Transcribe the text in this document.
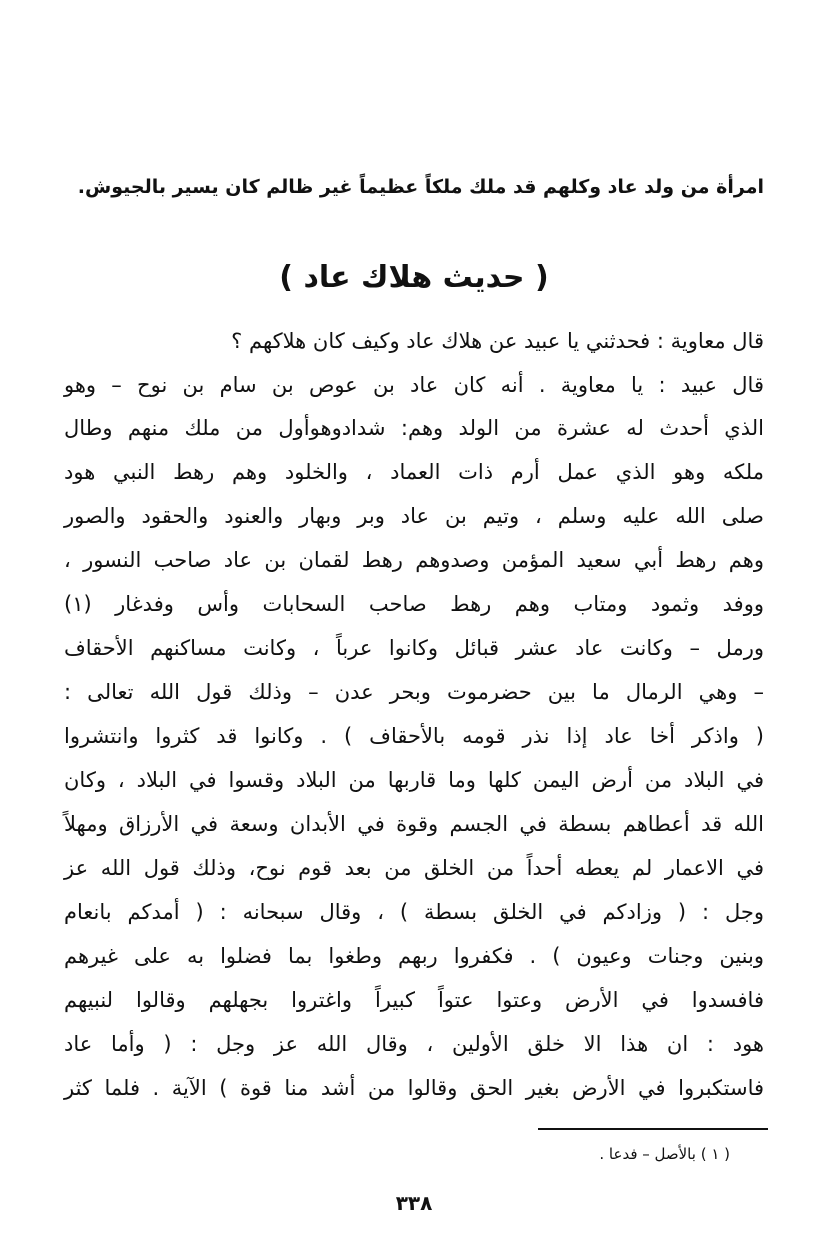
امرأة من ولد عاد وكلهم قد ملك ملكاً عظيماً غير ظالم كان يسير بالجيوش.
( حديث هلاك عاد )
قال معاوية : فحدثني يا عبيد عن هلاك عاد وكيف كان هلاكهم ؟
قال عبيد : يا معاوية . أنه كان عاد بن عوص بن سام بن نوح – وهو
الذي أحدث له عشرة من الولد وهم: شدادوهوأول من ملك منهم وطال
ملكه وهو الذي عمل أرم ذات العماد ، والخلود وهم رهط النبي هود
صلى الله عليه وسلم ، وتيم بن عاد وبر وبهار والعنود والحقود والصور
وهم رهط أبي سعيد المؤمن وصدوهم رهط لقمان بن عاد صاحب النسور ،
ووفد وثمود ومتاب وهم رهط صاحب السحابات وأس وفدغار (١)
ورمل – وكانت عاد عشر قبائل وكانوا عرباً ، وكانت مساكنهم الأحقاف
– وهي الرمال ما بين حضرموت وبحر عدن – وذلك قول الله تعالى :
( واذكر أخا عاد إذا نذر قومه بالأحقاف ) . وكانوا قد كثروا وانتشروا
في البلاد من أرض اليمن كلها وما قاربها من البلاد وقسوا في البلاد ، وكان
الله قد أعطاهم بسطة في الجسم وقوة في الأبدان وسعة في الأرزاق ومهلاً
في الاعمار لم يعطه أحداً من الخلق من بعد قوم نوح، وذلك قول الله عز
وجل : ( وزادكم في الخلق بسطة ) ، وقال سبحانه : ( أمدكم بانعام
وبنين وجنات وعيون ) . فكفروا ربهم وطغوا بما فضلوا به على غيرهم
فافسدوا في الأرض وعتوا عتواً كبيراً واغتروا بجهلهم وقالوا لنبيهم
هود : ان هذا الا خلق الأولين ، وقال الله عز وجل : ( وأما عاد
فاستكبروا في الأرض بغير الحق وقالوا من أشد منا قوة ) الآية . فلما كثر
( ١ ) بالأصل – فدعا .
٣٣٨
